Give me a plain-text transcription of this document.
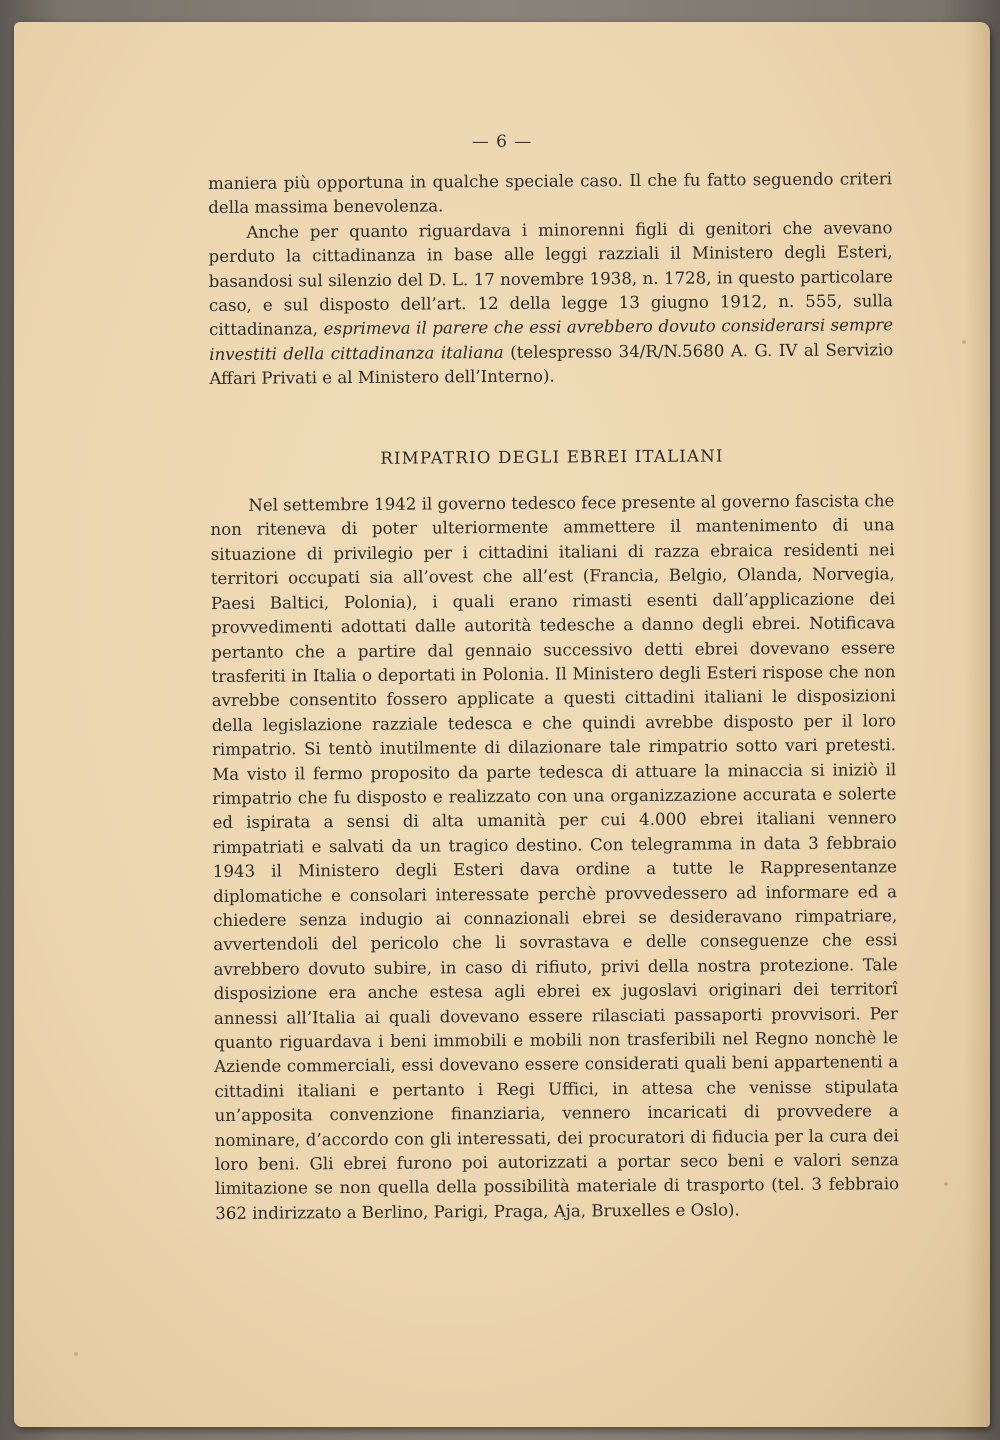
— 6 —

maniera più opportuna in qualche speciale caso. Il che fu fatto seguendo criteri della massima benevolenza.

Anche per quanto riguardava i minorenni figli di genitori che avevano perduto la cittadinanza in base alle leggi razziali il Ministero degli Esteri, basandosi sul silenzio del D. L. 17 novembre 1938, n. 1728, in questo particolare caso, e sul disposto dell’art. 12 della legge 13 giugno 1912, n. 555, sulla cittadinanza, esprimeva il parere che essi avrebbero dovuto considerarsi sempre investiti della cittadinanza italiana (telespresso 34/R/N.5680 A. G. IV al Servizio Affari Privati e al Ministero dell’Interno).

RIMPATRIO DEGLI EBREI ITALIANI

Nel settembre 1942 il governo tedesco fece presente al governo fascista che non riteneva di poter ulteriormente ammettere il mantenimento di una situazione di privilegio per i cittadini italiani di razza ebraica residenti nei territori occupati sia all’ovest che all’est (Francia, Belgio, Olanda, Norvegia, Paesi Baltici, Polonia), i quali erano rimasti esenti dall’applicazione dei provvedimenti adottati dalle autorità tedesche a danno degli ebrei. Notificava pertanto che a partire dal gennaio successivo detti ebrei dovevano essere trasferiti in Italia o deportati in Polonia. Il Ministero degli Esteri rispose che non avrebbe consentito fossero applicate a questi cittadini italiani le disposizioni della legislazione razziale tedesca e che quindi avrebbe disposto per il loro rimpatrio. Si tentò inutilmente di dilazionare tale rimpatrio sotto vari pretesti. Ma visto il fermo proposito da parte tedesca di attuare la minaccia si iniziò il rimpatrio che fu disposto e realizzato con una organizzazione accurata e solerte ed ispirata a sensi di alta umanità per cui 4.000 ebrei italiani vennero rimpatriati e salvati da un tragico destino. Con telegramma in data 3 febbraio 1943 il Ministero degli Esteri dava ordine a tutte le Rappresentanze diplomatiche e consolari interessate perchè provvedessero ad informare ed a chiedere senza indugio ai connazionali ebrei se desideravano rimpatriare, avvertendoli del pericolo che li sovrastava e delle conseguenze che essi avrebbero dovuto subire, in caso di rifiuto, privi della nostra protezione. Tale disposizione era anche estesa agli ebrei ex jugoslavi originari dei territorî annessi all’Italia ai quali dovevano essere rilasciati passaporti provvisori. Per quanto riguardava i beni immobili e mobili non trasferibili nel Regno nonchè le Aziende commerciali, essi dovevano essere considerati quali beni appartenenti a cittadini italiani e pertanto i Regi Uffici, in attesa che venisse stipulata un’apposita convenzione finanziaria, vennero incaricati di provvedere a nominare, d’accordo con gli interessati, dei procuratori di fiducia per la cura dei loro beni. Gli ebrei furono poi autorizzati a portar seco beni e valori senza limitazione se non quella della possibilità materiale di trasporto (tel. 3 febbraio 362 indirizzato a Berlino, Parigi, Praga, Aja, Bruxelles e Oslo).
